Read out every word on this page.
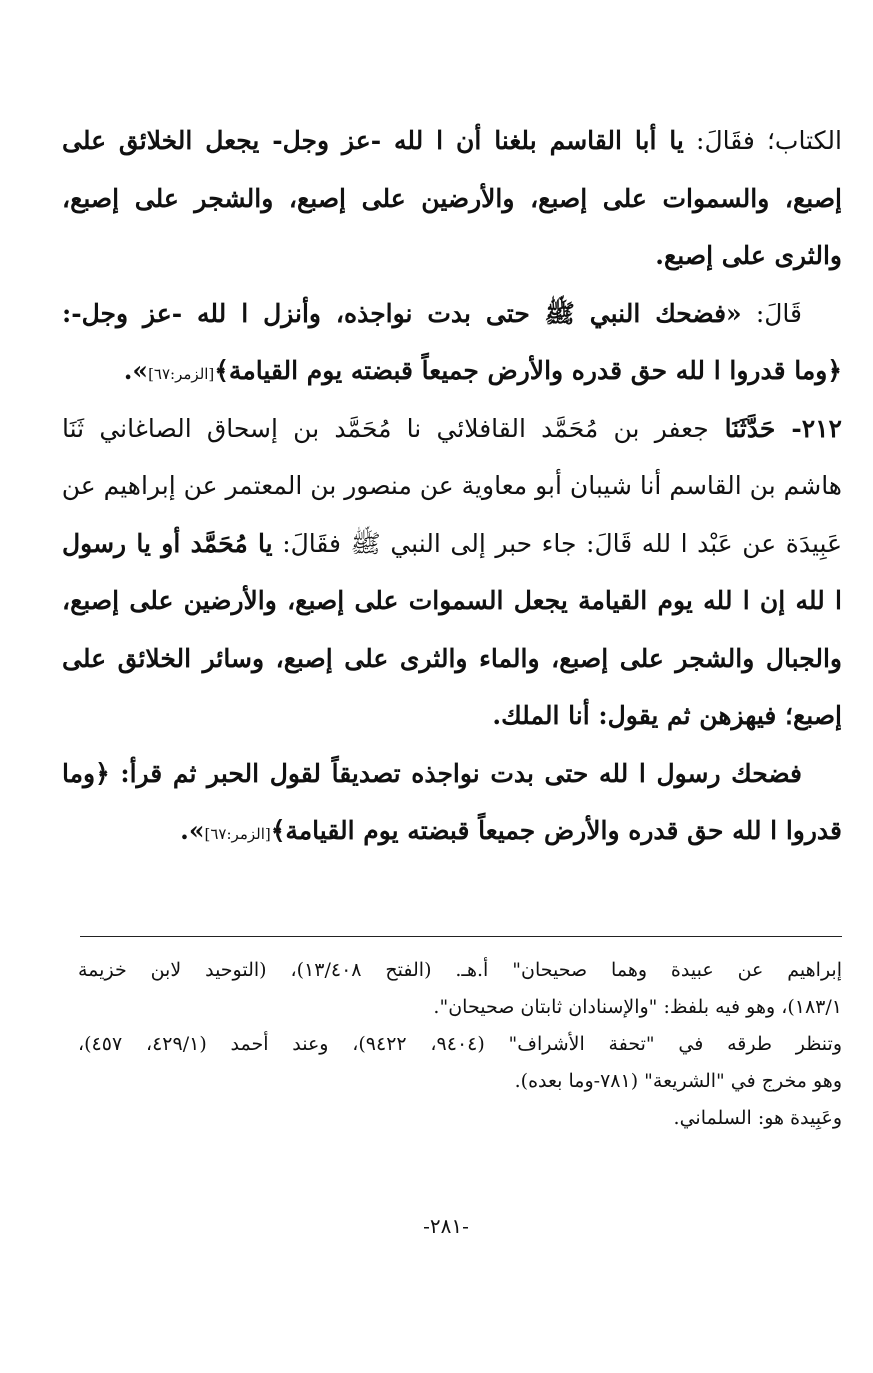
الكتاب؛ فقَالَ: يا أبا القاسم بلغنا أن ا لله -عز وجل- يجعل الخلائق على
إصبع، والسموات على إصبع، والأرضين على إصبع، والشجر على إصبع،
والثرى على إصبع.
قَالَ: «فضحك النبي ﷺ حتى بدت نواجذه، وأنزل ا لله -عز وجل-:
﴿وما قدروا ا لله حق قدره والأرض جميعاً قبضته يوم القيامة﴾[الزمر:٦٧]».
٢١٢- حَدَّثَنَا جعفر بن مُحَمَّد القافلائي نا مُحَمَّد بن إسحاق الصاغاني ثَنَا
هاشم بن القاسم أنا شيبان أبو معاوية عن منصور بن المعتمر عن إبراهيم عن
عَبِيدَة عن عَبْد ا لله قَالَ: جاء حبر إلى النبي ﷺ فقَالَ: يا مُحَمَّد أو يا رسول
ا لله إن ا لله يوم القيامة يجعل السموات على إصبع، والأرضين على إصبع،
والجبال والشجر على إصبع، والماء والثرى على إصبع، وسائر الخلائق على
إصبع؛ فيهزهن ثم يقول: أنا الملك.
فضحك رسول ا لله حتى بدت نواجذه تصديقاً لقول الحبر ثم قرأ: ﴿وما
قدروا ا لله حق قدره والأرض جميعاً قبضته يوم القيامة﴾[الزمر:٦٧]».
إبراهيم عن عبيدة وهما صحيحان" أ.هـ. (الفتح ١٣/٤٠٨)، (التوحيد لابن خزيمة
١٨٣/١)، وهو فيه بلفظ: "والإسنادان ثابتان صحيحان".
وتنظر طرقه في "تحفة الأشراف" (٩٤٠٤، ٩٤٢٢)، وعند أحمد (٤٢٩/١، ٤٥٧)،
وهو مخرج في "الشريعة" (٧٨١-وما بعده).
وعَبِيدة هو: السلماني.
-٢٨١-
